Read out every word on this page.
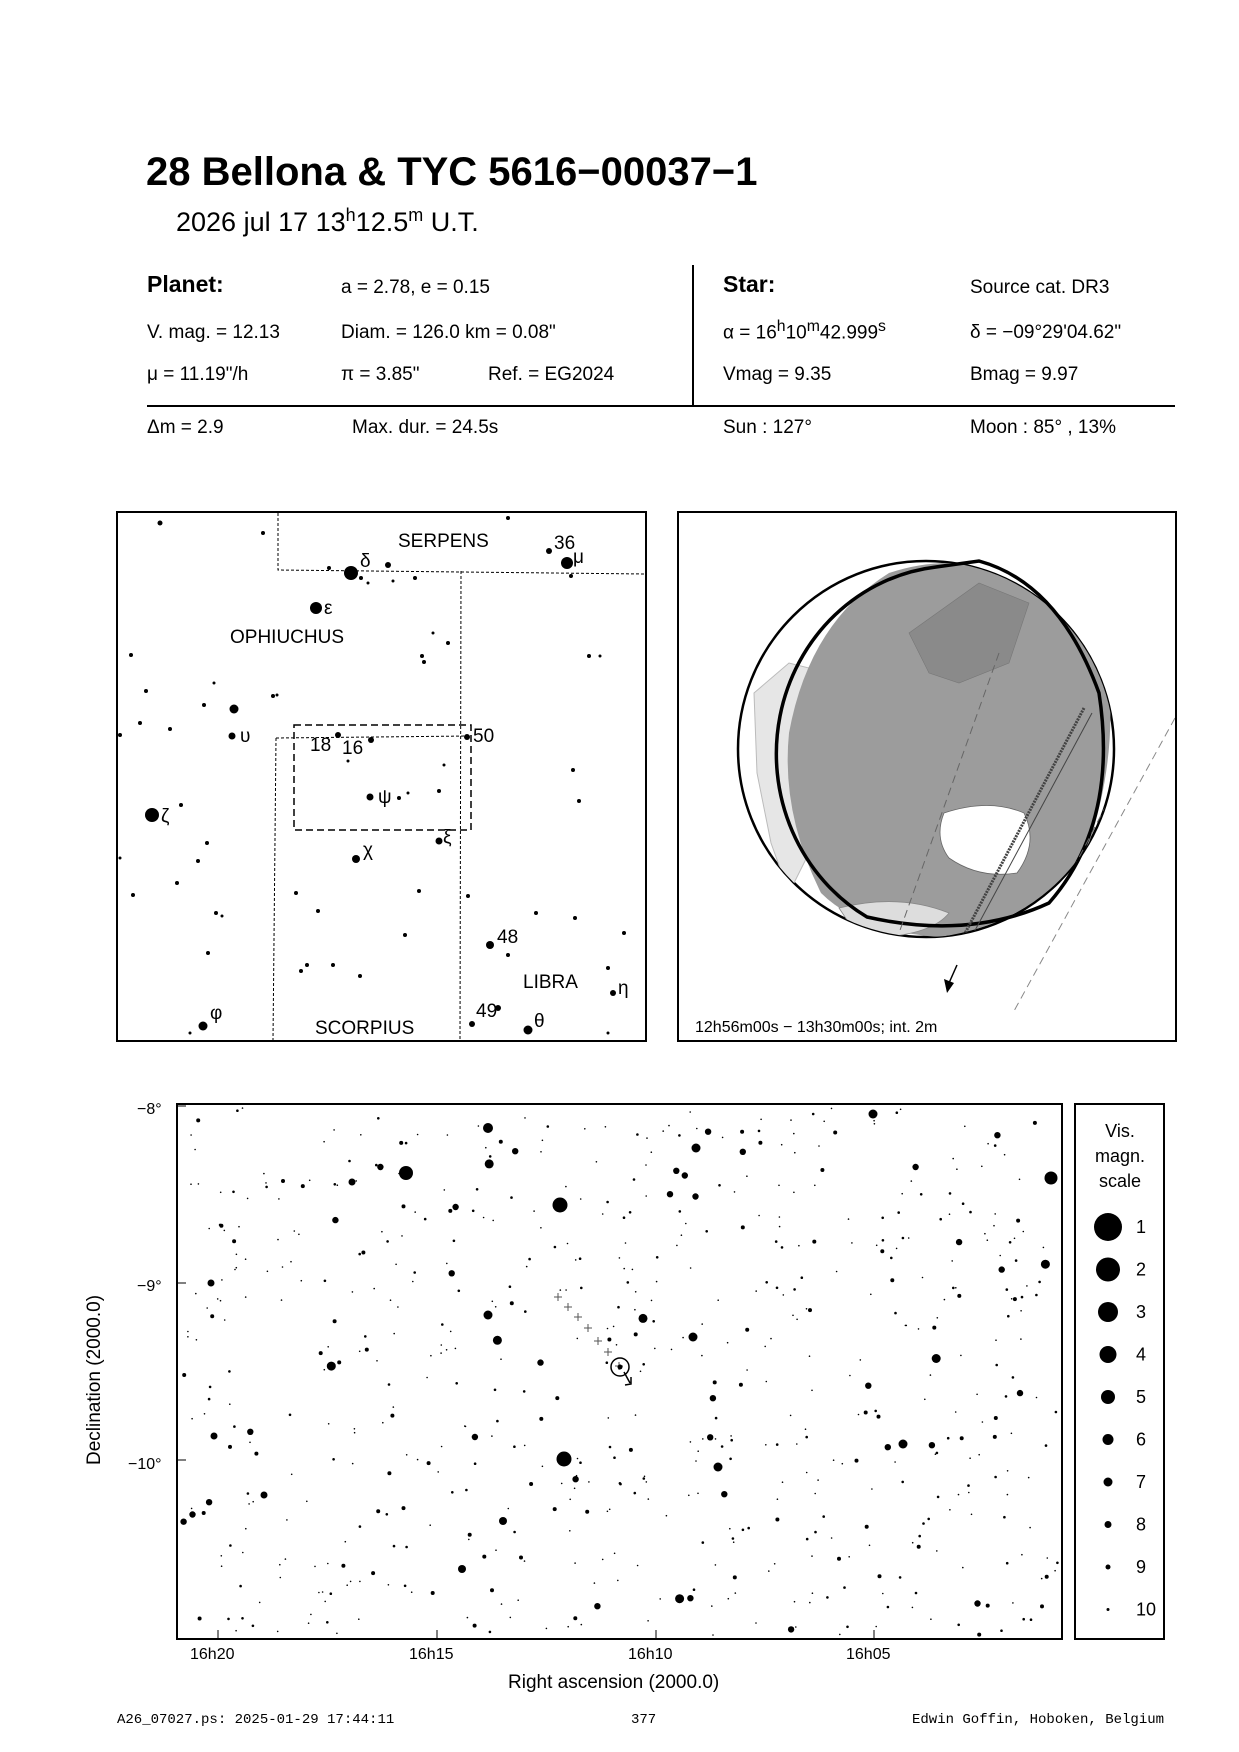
28 Bellona & TYC 5616−00037−1
2026 jul 17 13$^h$12.5$^m$ U.T.
Planet:	a = 2.78, e = 0.15
V. mag. = 12.13	Diam. = 126.0 km = 0.08"
μ = 11.19"/h	π = 3.85"	Ref. = EG2024
Star:	Source cat. DR3
$\alpha = 16^h10^m42.999^s$	δ = −09°29'04.62"
Vmag = 9.35	Bmag = 9.97
Δm = 2.9	Max. dur. = 24.5s	Sun : 127°	Moon : 85° , 13%
SERPENS
OPHIUCHUS
LIBRA
SCORPIUS
36
μ
δ
ε
υ
ζ
18 16
50
ψ
χ
ξ
48
η
49 θ
φ
12h56m00s − 13h30m00s; int. 2m
−8°
−9°
−10°
16h20	16h15	16h10	16h05
Right ascension (2000.0)
Declination (2000.0)
Vis.
magn.
scale
1
2
3
4
5
6
7
8
9
10
A26_07027.ps: 2025-01-29 17:44:11	377	Edwin Goffin, Hoboken, Belgium
